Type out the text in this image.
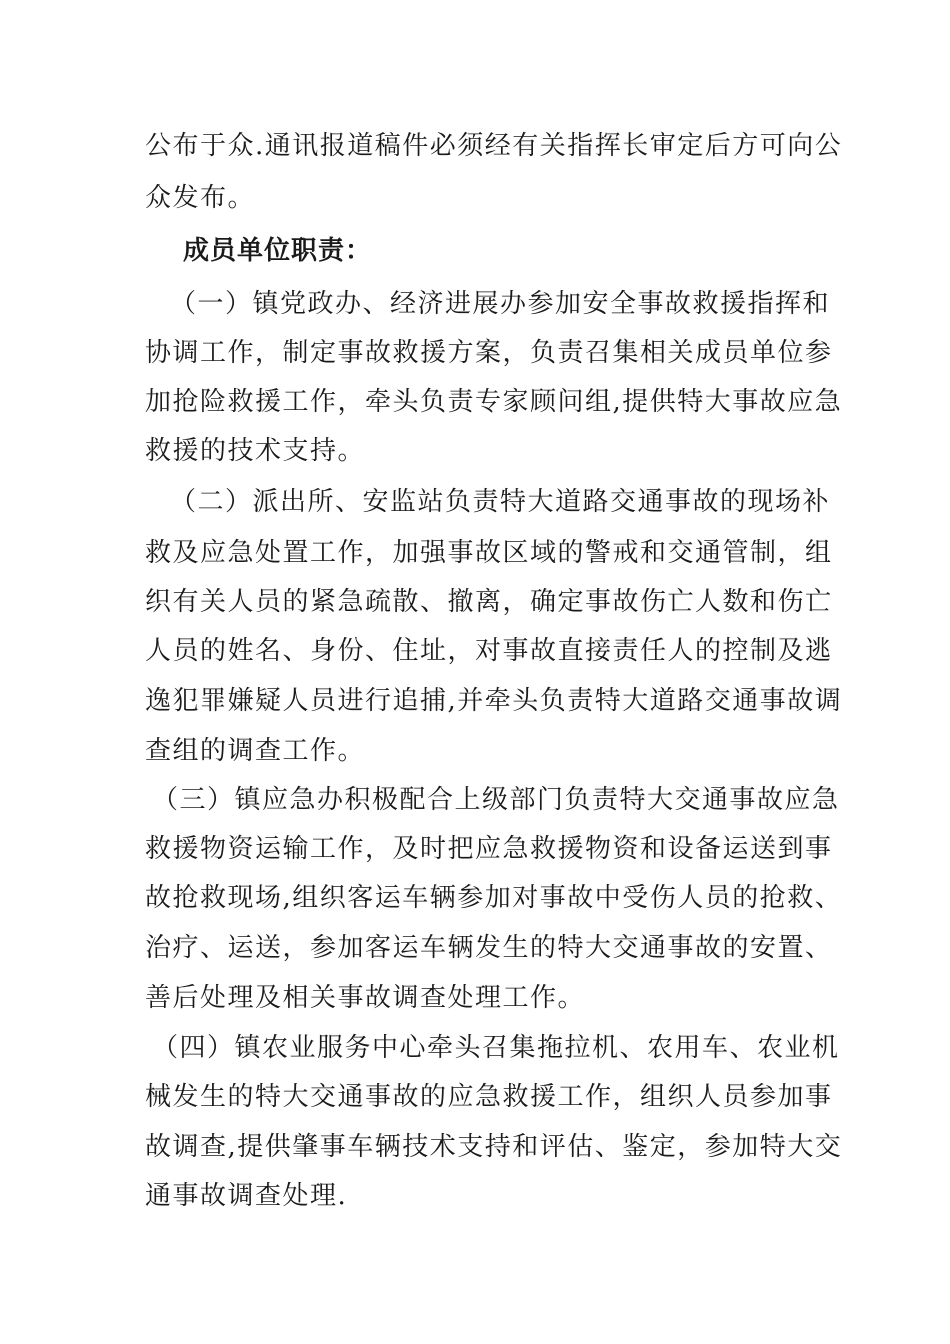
公布于众.通讯报道稿件必须经有关指挥长审定后方可向公
众发布。
成员单位职责：
（一）镇党政办、经济进展办参加安全事故救援指挥和
协调工作，制定事故救援方案，负责召集相关成员单位参
加抢险救援工作，牵头负责专家顾问组,提供特大事故应急
救援的技术支持。
（二）派出所、安监站负责特大道路交通事故的现场补
救及应急处置工作，加强事故区域的警戒和交通管制，组
织有关人员的紧急疏散、撤离，确定事故伤亡人数和伤亡
人员的姓名、身份、住址，对事故直接责任人的控制及逃
逸犯罪嫌疑人员进行追捕,并牵头负责特大道路交通事故调
查组的调查工作。
（三）镇应急办积极配合上级部门负责特大交通事故应急
救援物资运输工作，及时把应急救援物资和设备运送到事
故抢救现场,组织客运车辆参加对事故中受伤人员的抢救、
治疗、运送，参加客运车辆发生的特大交通事故的安置、
善后处理及相关事故调查处理工作。
（四）镇农业服务中心牵头召集拖拉机、农用车、农业机
械发生的特大交通事故的应急救援工作，组织人员参加事
故调查,提供肇事车辆技术支持和评估、鉴定，参加特大交
通事故调查处理.
